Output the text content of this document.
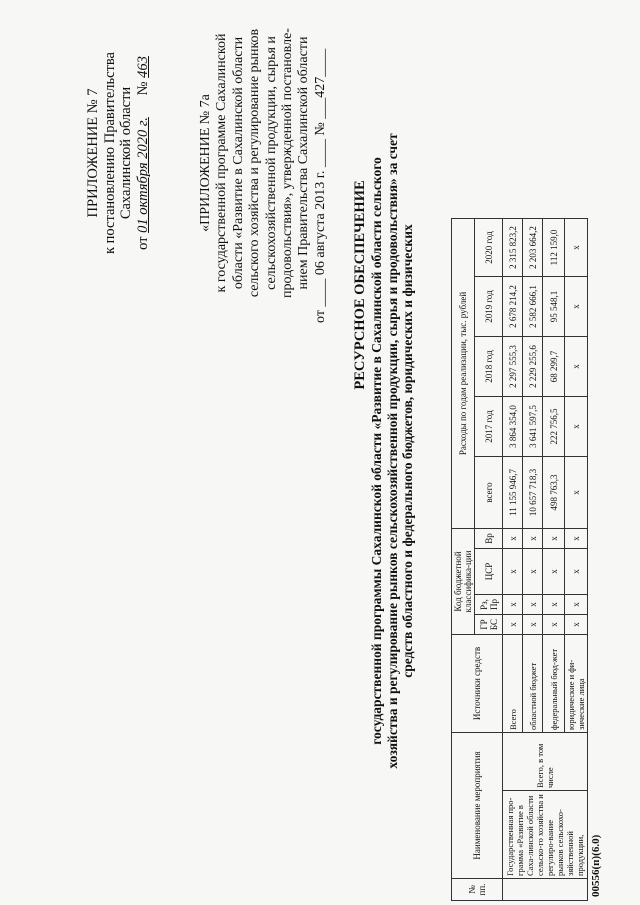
ПРИЛОЖЕНИЕ № 7 к постановлению Правительства Сахалинской области
от 01 октября 2020 г.      № 463
«ПРИЛОЖЕНИЕ № 7а к государственной программе Сахалинской области «Развитие в Сахалинской области сельского хозяйства и регулирование рынков сельскохозяйственной продукции, сырья и продовольствия», утвержденной постановле- нием Правительства Сахалинской области от ____ 06 августа 2013 г. ____ № ___427____ РЕСУРСНОЕ ОБЕСПЕЧЕНИЕ государственной программы Сахалинской области «Развитие в Сахалинской области сельского хозяйства и регулирование рынков сельскохозяйственной продукции, сырья и продовольствия» за счет средств областного и федерального бюджетов, юридических и физических
№ пп.	Наименование мероприятия		Источники средств	Код бюджетной классифика-ции				Расходы по годам реализации, тыс. рублей				
				ГР БС	Рз, Пр	ЦСР	Вр	всего	2017 год	2018 год	2019 год	2020 год

	Государственная про-грамма «Развитие в Саха-линской области сельско-го хозяйства и регулиро-вание рынков сельскохо-зяйственной продукции,	Всего, в том числе	Всего	х	х	х	х	11 155 946,7	3 864 354,0	2 297 555,3	2 678 214,2	2 315 823,2
			областной бюджет	х	х	х	х	10 657 718,3	3 641 597,5	2 229 255,6	2 582 666,1	2 203 664,2
			федеральный бюд-жет	х	х	х	х	498 763,3	222 756,5	68 299,7	95 548,1	112 159,0
			юридические и фи-зические лица	х	х	х	х	х	х	х	х	х
00556(п)(6.0)
